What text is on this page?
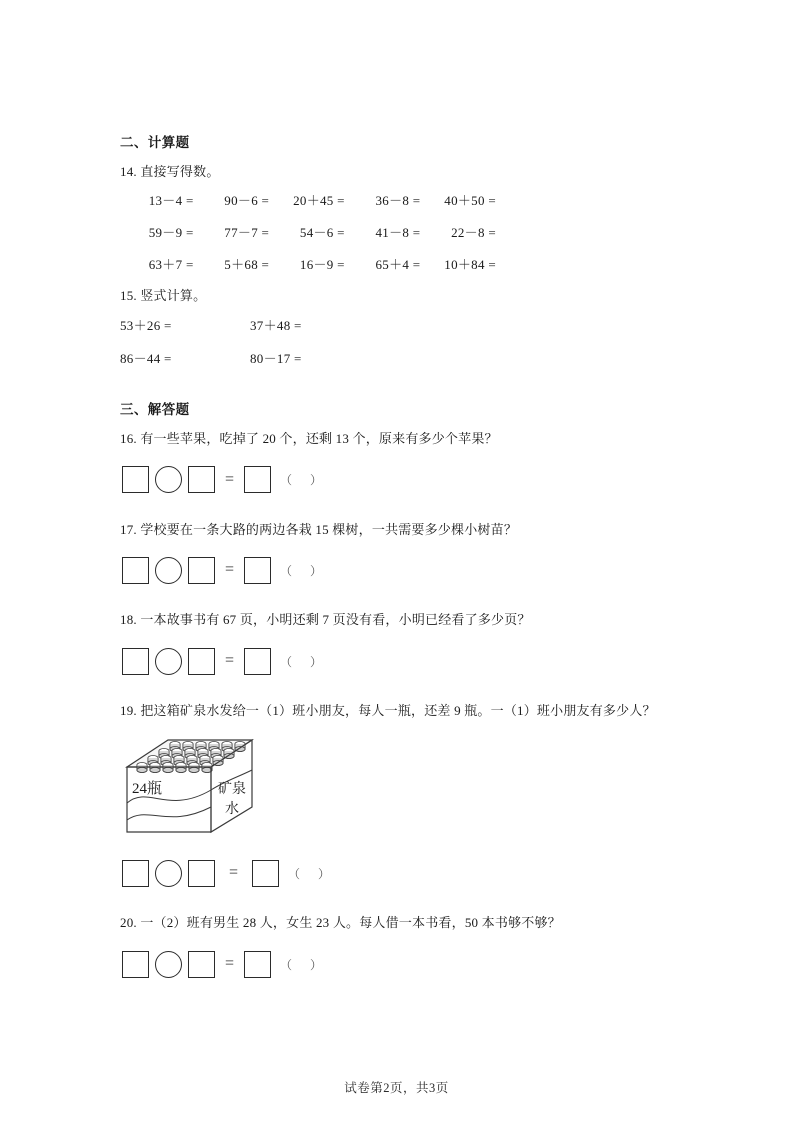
二、计算题
14. 直接写得数。
13－4 =	90－6 =	20＋45 =	36－8 =	40＋50 =
59－9 =	77－7 =	54－6 =	41－8 =	22－8 =
63＋7 =	5＋68 =	16－9 =	65＋4 =	10＋84 =
15. 竖式计算。
53＋26 =	37＋48 =
86－44 =	80－17 =
三、解答题
16. 有一些苹果，吃掉了 20 个，还剩 13 个，原来有多少个苹果？
=	（　）
17. 学校要在一条大路的两边各栽 15 棵树，一共需要多少棵小树苗？
=	（　）
18. 一本故事书有 67 页，小明还剩 7 页没有看，小明已经看了多少页？
=	（　）
19. 把这箱矿泉水发给一（1）班小朋友，每人一瓶，还差 9 瓶。一（1）班小朋友有多少人？
24瓶	矿泉
水
=	（　）
20. 一（2）班有男生 28 人，女生 23 人。每人借一本书看，50 本书够不够？
=	（　）
试卷第2页，共3页
